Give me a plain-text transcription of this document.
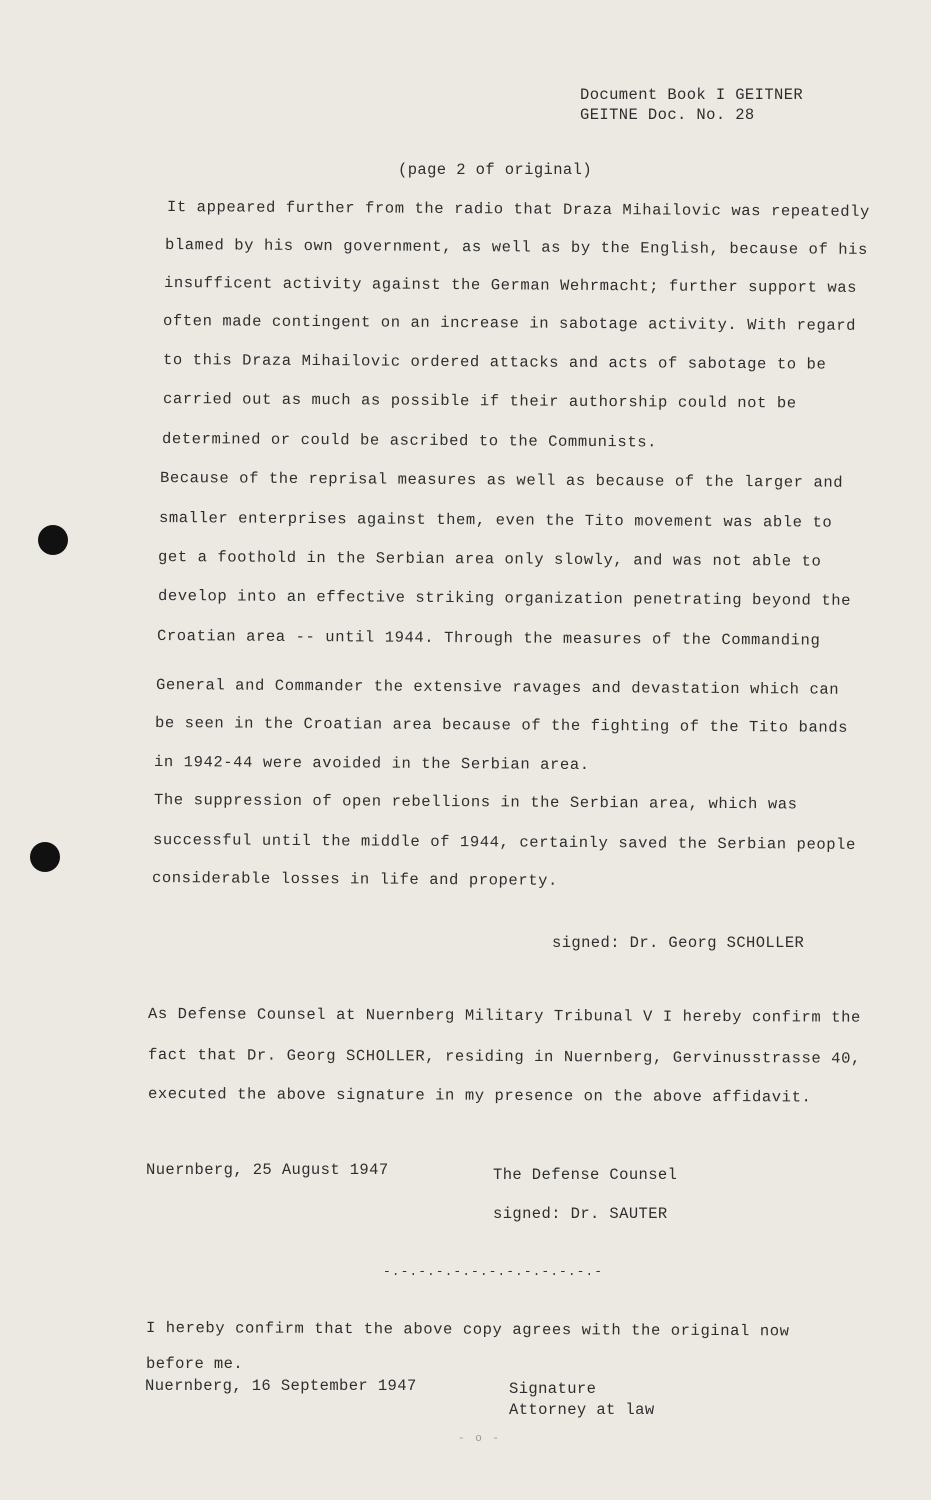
Document Book I GEITNER
GEITNE Doc. No. 28
(page 2 of original)
It appeared further from the radio that Draza Mihailovic was repeatedly
blamed by his own government, as well as by the English, because of his
insufficent activity against the German Wehrmacht; further support was
often made contingent on an increase in sabotage activity. With regard
to this Draza Mihailovic ordered attacks and acts of sabotage to be
carried out as much as possible if their authorship could not be
determined or could be ascribed to the Communists.
Because of the reprisal measures as well as because of the larger and
smaller enterprises against them, even the Tito movement was able to
get a foothold in the Serbian area only slowly, and was not able to
develop into an effective striking organization penetrating beyond the
Croatian area -- until 1944. Through the measures of the Commanding
General and Commander the extensive ravages and devastation which can
be seen in the Croatian area because of the fighting of the Tito bands
in 1942-44 were avoided in the Serbian area.
The suppression of open rebellions in the Serbian area, which was
successful until the middle of 1944, certainly saved the Serbian people
considerable losses in life and property.
signed: Dr. Georg SCHOLLER
As Defense Counsel at Nuernberg Military Tribunal V I hereby confirm the
fact that Dr. Georg SCHOLLER, residing in Nuernberg, Gervinusstrasse 40,
executed the above signature in my presence on the above affidavit.
Nuernberg, 25 August 1947	The Defense Counsel
signed: Dr. SAUTER
-.-.-.-.-.-.-.-.-.-.-.-.-
I hereby confirm that the above copy agrees with the original now
before me.
Nuernberg, 16 September 1947	Signature
Attorney at law
- o -
